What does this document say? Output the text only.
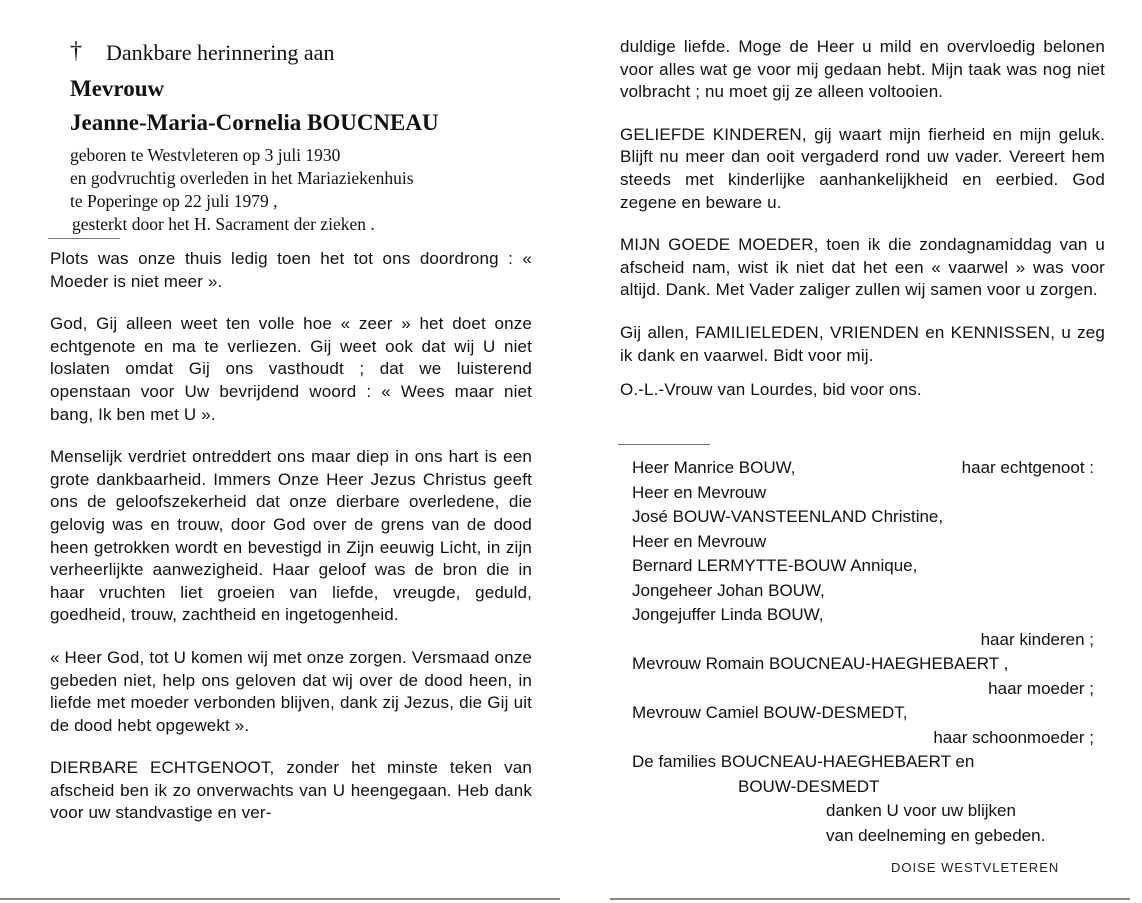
† Dankbare herinnering aan
Mevrouw
Jeanne-Maria-Cornelia BOUCNEAU
geboren te Westvleteren op 3 juli 1930
en godvruchtig overleden in het Mariaziekenhuis
te Poperinge op 22 juli 1979 ,
gesterkt door het H. Sacrament der zieken .

Plots was onze thuis ledig toen het tot ons doordrong : « Moeder is niet meer ».

God, Gij alleen weet ten volle hoe « zeer » het doet onze echtgenote en ma te verliezen. Gij weet ook dat wij U niet loslaten omdat Gij ons vasthoudt ; dat we luisterend openstaan voor Uw bevrijdend woord : « Wees maar niet bang, Ik ben met U ».

Menselijk verdriet ontreddert ons maar diep in ons hart is een grote dankbaarheid. Immers Onze Heer Jezus Christus geeft ons de geloofszekerheid dat onze dierbare overledene, die gelovig was en trouw, door God over de grens van de dood heen getrokken wordt en bevestigd in Zijn eeuwig Licht, in zijn verheerlijkte aanwezigheid. Haar geloof was de bron die in haar vruchten liet groeien van liefde, vreugde, geduld, goedheid, trouw, zachtheid en ingetogenheid.

« Heer God, tot U komen wij met onze zorgen. Versmaad onze gebeden niet, help ons geloven dat wij over de dood heen, in liefde met moeder verbonden blijven, dank zij Jezus, die Gij uit de dood hebt opgewekt ».

DIERBARE ECHTGENOOT, zonder het minste teken van afscheid ben ik zo onverwachts van U heengegaan. Heb dank voor uw standvastige en ver-

duldige liefde. Moge de Heer u mild en overvloedig belonen voor alles wat ge voor mij gedaan hebt. Mijn taak was nog niet volbracht ; nu moet gij ze alleen voltooien.

GELIEFDE KINDEREN, gij waart mijn fierheid en mijn geluk. Blijft nu meer dan ooit vergaderd rond uw vader. Vereert hem steeds met kinderlijke aanhankelijkheid en eerbied. God zegene en beware u.

MIJN GOEDE MOEDER, toen ik die zondagnamiddag van u afscheid nam, wist ik niet dat het een « vaarwel » was voor altijd. Dank. Met Vader zaliger zullen wij samen voor u zorgen.

Gij allen, FAMILIELEDEN, VRIENDEN en KENNISSEN, u zeg ik dank en vaarwel. Bidt voor mij.

O.-L.-Vrouw van Lourdes, bid voor ons.

Heer Manrice BOUW,	haar echtgenoot :
Heer en Mevrouw
José BOUW-VANSTEENLAND Christine,
Heer en Mevrouw
Bernard LERMYTTE-BOUW Annique,
Jongeheer Johan BOUW,
Jongejuffer Linda BOUW,
haar kinderen ;
Mevrouw Romain BOUCNEAU-HAEGHEBAERT ,
haar moeder ;
Mevrouw Camiel BOUW-DESMEDT,
haar schoonmoeder ;
De families BOUCNEAU-HAEGHEBAERT en
BOUW-DESMEDT
danken U voor uw blijken
van deelneming en gebeden.
DOISE WESTVLETEREN
